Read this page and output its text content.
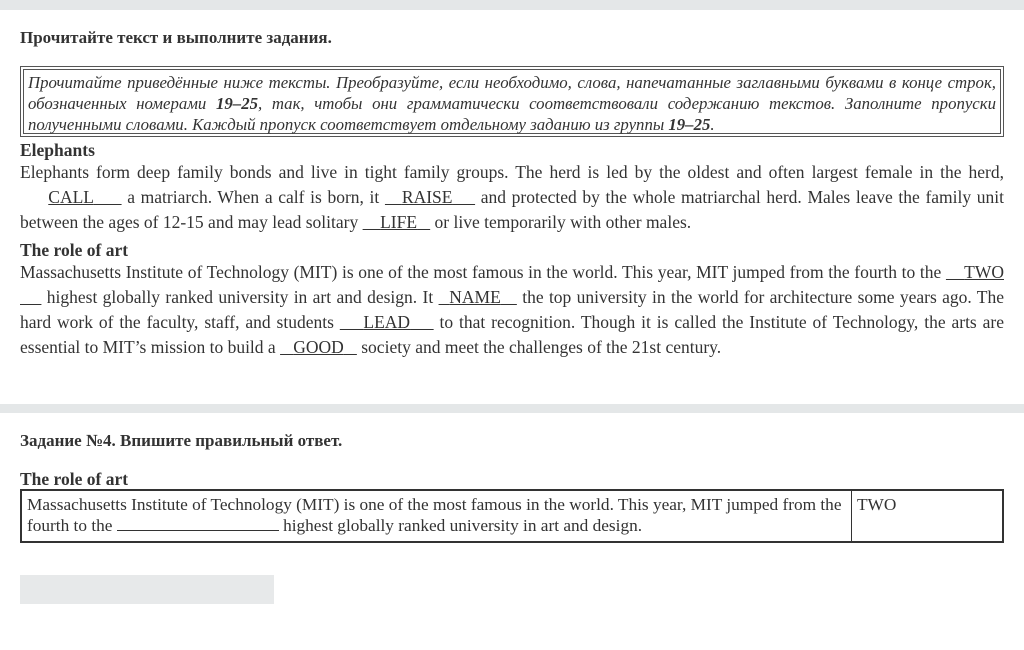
Прочитайте текст и выполните задания.
Прочитайте приведённые ниже тексты. Преобразуйте, если необходимо, слова, напечатанные заглавными буквами в конце строк, обозначенных номерами 19–25, так, чтобы они грамматически соответствовали содержанию текстов. Заполните пропуски полученными словами. Каждый пропуск соответствует отдельному заданию из группы 19–25.
Elephants
Elephants form deep family bonds and live in tight family groups. The herd is led by the oldest and often largest female in the herd,      CALL      a matriarch. When a calf is born, it    RAISE     and protected by the whole matriarchal herd. Males leave the family unit between the ages of 12-15 and may lead solitary     LIFE    or live temporarily with other males.
The role of art
Massachusetts Institute of Technology (MIT) is one of the most famous in the world. This year, MIT jumped from the fourth to the     TWO     highest globally ranked university in art and design. It   NAME    the top university in the world for architecture some years ago. The hard work of the faculty, staff, and students     LEAD     to that recognition. Though it is called the Institute of Technology, the arts are essential to MIT’s mission to build a    GOOD    society and meet the challenges of the 21st century.
Задание №4. Впишите правильный ответ.
The role of art
Massachusetts Institute of Technology (MIT) is one of the most famous in the world. This year, MIT jumped from the fourth to the	highest globally ranked university in art and design.
TWO
